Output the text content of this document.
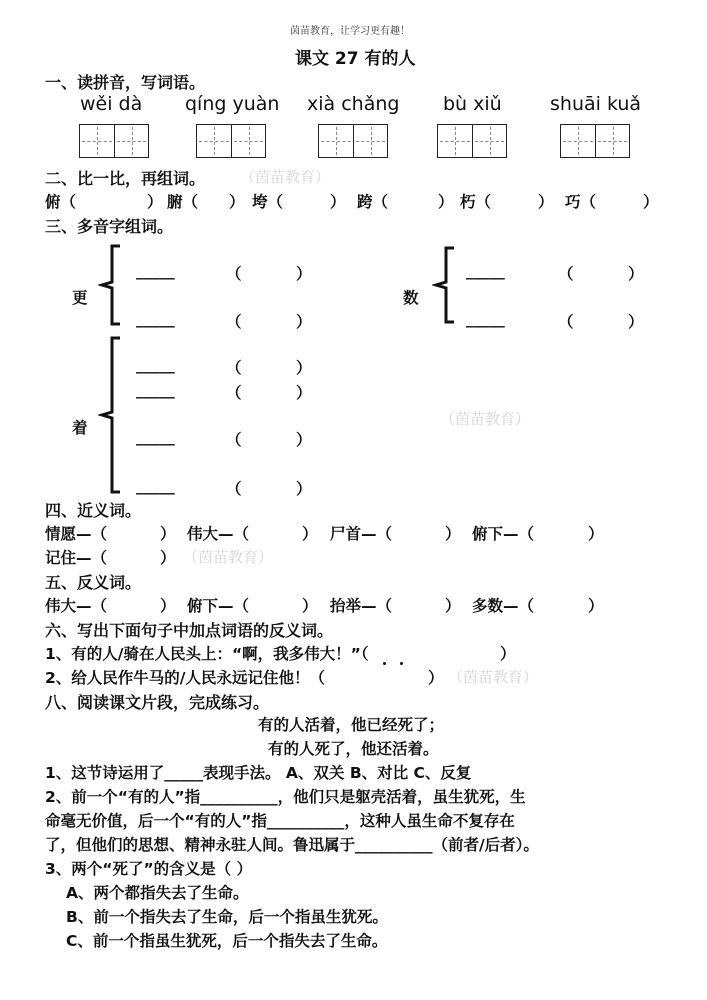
茵苗教育，让学习更有趣！
课文 27 有的人
一、读拼音，写词语。
wěi dà qíng yuàn xià chǎng bù xiǔ	shuāi kuǎ
二、比一比，再组词。 （茵苗教育）
俯（	） 腑（ ） 垮（	） 跨（	） 朽（	） 巧（	）
三、多音字组词。
更
_____	（	）
_____	（	）
数
_____	（	）
_____	（	）
着
_____	（	）
_____	（	）
（茵苗教育）
_____	（	）
_____	（	）
四、近义词。
情愿—（	） 伟大—（	） 尸首—（	） 俯下—（	）
记住—（	） （茵苗教育）
五、反义词。
伟大—（	） 俯下—（	） 抬举—（	） 多数—（	）
六、写出下面句子中加点词语的反义词。
1、有的人/骑在人民头上：“啊，我多伟大！”（	）
2、给人民作牛马的/人民永远记住他！（	） （茵苗教育）
八、阅读课文片段，完成练习。
有的人活着，他已经死了；
有的人死了，他还活着。
1、这节诗运用了_____表现手法。 A、双关 B、对比 C、反复
2、前一个“有的人”指__________，他们只是躯壳活着，虽生犹死，生
命毫无价值，后一个“有的人”指__________，这种人虽生命不复存在
了，但他们的思想、精神永驻人间。鲁迅属于__________（前者/后者）。
3、两个“死了”的含义是（ ）
A、两个都指失去了生命。
B、前一个指失去了生命，后一个指虽生犹死。
C、前一个指虽生犹死，后一个指失去了生命。
